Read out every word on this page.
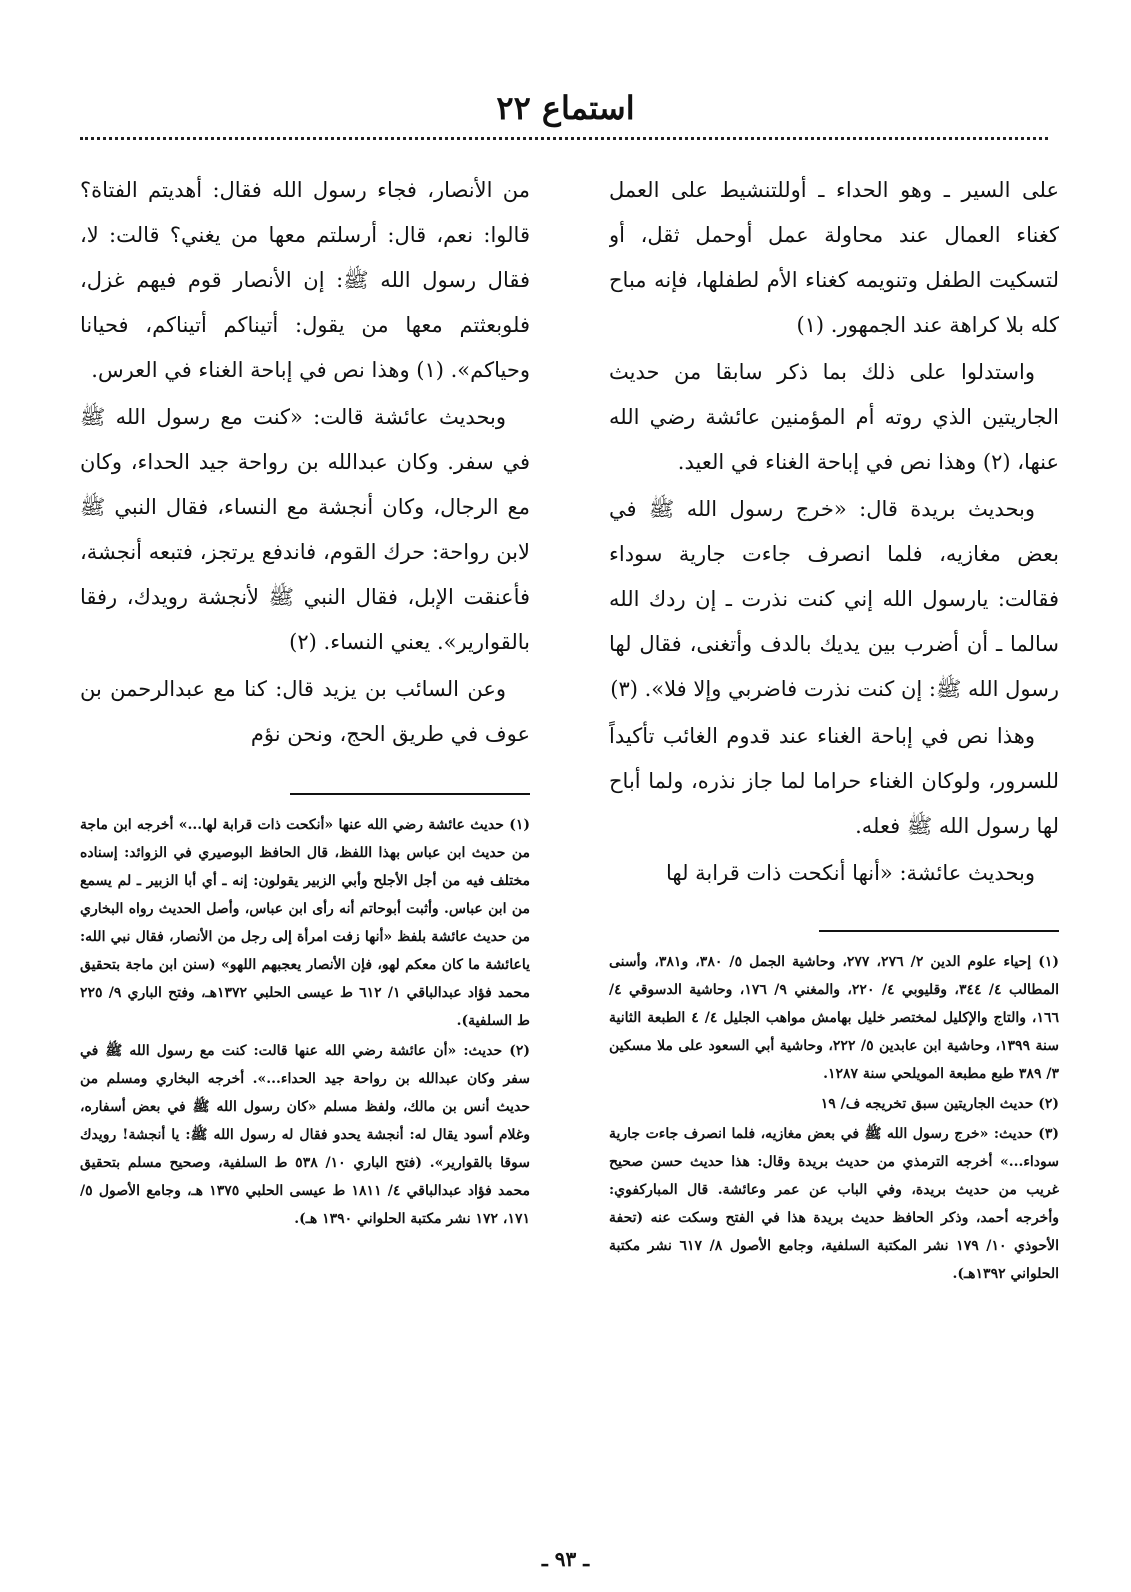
استماع ٢٢

على السير ـ وهو الحداء ـ أوللتنشيط على العمل كغناء العمال عند محاولة عمل أوحمل ثقل، أو لتسكيت الطفل وتنويمه كغناء الأم لطفلها، فإنه مباح كله بلا كراهة عند الجمهور. (١)

واستدلوا على ذلك بما ذكر سابقا من حديث الجاريتين الذي روته أم المؤمنين عائشة رضي الله عنها، (٢) وهذا نص في إباحة الغناء في العيد.

وبحديث بريدة قال: «خرج رسول الله ﷺ في بعض مغازيه، فلما انصرف جاءت جارية سوداء فقالت: يارسول الله إني كنت نذرت ـ إن ردك الله سالما ـ أن أضرب بين يديك بالدف وأتغنى، فقال لها رسول الله ﷺ: إن كنت نذرت فاضربي وإلا فلا». (٣)

وهذا نص في إباحة الغناء عند قدوم الغائب تأكيداً للسرور، ولوكان الغناء حراما لما جاز نذره، ولما أباح لها رسول الله ﷺ فعله.

وبحديث عائشة: «أنها أنكحت ذات قرابة لها

(١) إحياء علوم الدين ٢/ ٢٧٦، ٢٧٧، وحاشية الجمل ٥/ ٣٨٠، و٣٨١، وأسنى المطالب ٤/ ٣٤٤، وقليوبي ٤/ ٢٢٠، والمغني ٩/ ١٧٦، وحاشية الدسوقي ٤/ ١٦٦، والتاج والإكليل لمختصر خليل بهامش مواهب الجليل ٤/ ٤ الطبعة الثانية سنة ١٣٩٩، وحاشية ابن عابدين ٥/ ٢٢٢، وحاشية أبي السعود على ملا مسكين ٣/ ٣٨٩ طبع مطبعة المويلحي سنة ١٢٨٧.

(٢) حديث الجاريتين سبق تخريجه ف/ ١٩

(٣) حديث: «خرج رسول الله ﷺ في بعض مغازيه، فلما انصرف جاءت جارية سوداء...» أخرجه الترمذي من حديث بريدة وقال: هذا حديث حسن صحيح غريب من حديث بريدة، وفي الباب عن عمر وعائشة. قال المباركفوي: وأخرجه أحمد، وذكر الحافظ حديث بريدة هذا في الفتح وسكت عنه (تحفة الأحوذي ١٠/ ١٧٩ نشر المكتبة السلفية، وجامع الأصول ٨/ ٦١٧ نشر مكتبة الحلواني ١٣٩٢هـ).

من الأنصار، فجاء رسول الله فقال: أهديتم الفتاة؟ قالوا: نعم، قال: أرسلتم معها من يغني؟ قالت: لا، فقال رسول الله ﷺ: إن الأنصار قوم فيهم غزل، فلوبعثتم معها من يقول: أتيناكم أتيناكم، فحيانا وحياكم». (١) وهذا نص في إباحة الغناء في العرس.

وبحديث عائشة قالت: «كنت مع رسول الله ﷺ في سفر. وكان عبدالله بن رواحة جيد الحداء، وكان مع الرجال، وكان أنجشة مع النساء، فقال النبي ﷺ لابن رواحة: حرك القوم، فاندفع يرتجز، فتبعه أنجشة، فأعنقت الإبل، فقال النبي ﷺ لأنجشة رويدك، رفقا بالقوارير». يعني النساء. (٢)

وعن السائب بن يزيد قال: كنا مع عبدالرحمن بن عوف في طريق الحج، ونحن نؤم

(١) حديث عائشة رضي الله عنها «أنكحت ذات قرابة لها...» أخرجه ابن ماجة من حديث ابن عباس بهذا اللفظ، قال الحافظ البوصيري في الزوائد: إسناده مختلف فيه من أجل الأجلح وأبي الزبير يقولون: إنه ـ أي أبا الزبير ـ لم يسمع من ابن عباس. وأثبت أبوحاتم أنه رأى ابن عباس، وأصل الحديث رواه البخاري من حديث عائشة بلفظ «أنها زفت امرأة إلى رجل من الأنصار، فقال نبي الله: ياعائشة ما كان معكم لهو، فإن الأنصار يعجبهم اللهو» (سنن ابن ماجة بتحقيق محمد فؤاد عبدالباقي ١/ ٦١٢ ط عيسى الحلبي ١٣٧٢هـ، وفتح الباري ٩/ ٢٢٥ ط السلفية).

(٢) حديث: «أن عائشة رضي الله عنها قالت: كنت مع رسول الله ﷺ في سفر وكان عبدالله بن رواحة جيد الحداء...». أخرجه البخاري ومسلم من حديث أنس بن مالك، ولفظ مسلم «كان رسول الله ﷺ في بعض أسفاره، وغلام أسود يقال له: أنجشة يحدو فقال له رسول الله ﷺ: يا أنجشة! رويدك سوقا بالقوارير». (فتح الباري ١٠/ ٥٣٨ ط السلفية، وصحيح مسلم بتحقيق محمد فؤاد عبدالباقي ٤/ ١٨١١ ط عيسى الحلبي ١٣٧٥ هـ، وجامع الأصول ٥/ ١٧١، ١٧٢ نشر مكتبة الحلواني ١٣٩٠ هـ).

ـ ٩٣ ـ
